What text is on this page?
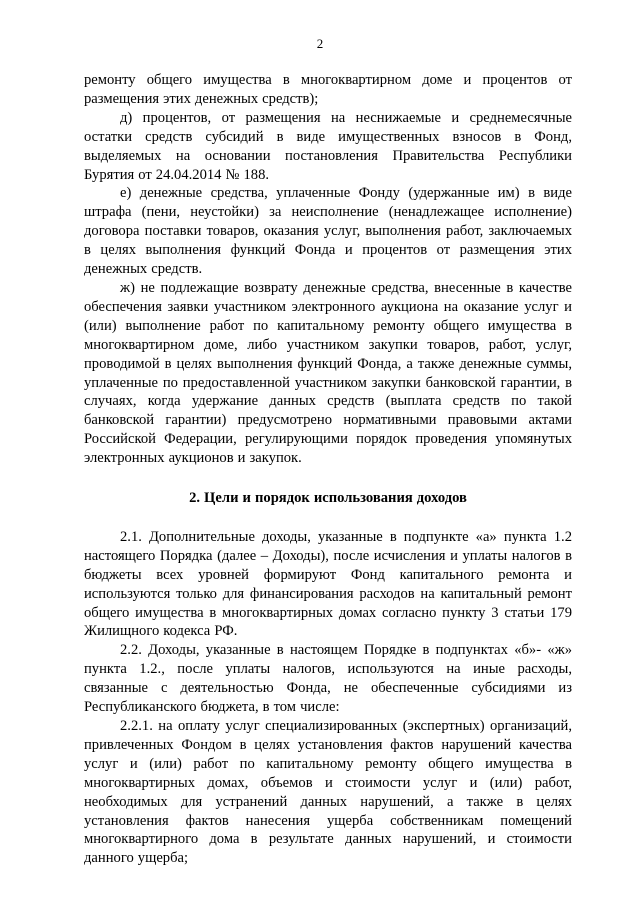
2

ремонту общего имущества в многоквартирном доме и процентов от размещения этих денежных средств);

д) процентов, от размещения на неснижаемые и среднемесячные остатки средств субсидий в виде имущественных взносов в Фонд, выделяемых на основании постановления Правительства Республики Бурятия от 24.04.2014 № 188.

е) денежные средства, уплаченные Фонду (удержанные им) в виде штрафа (пени, неустойки) за неисполнение (ненадлежащее исполнение) договора поставки товаров, оказания услуг, выполнения работ, заключаемых в целях выполнения функций Фонда и процентов от размещения этих денежных средств.

ж) не подлежащие возврату денежные средства, внесенные в качестве обеспечения заявки участником электронного аукциона на оказание услуг и (или) выполнение работ по капитальному ремонту общего имущества в многоквартирном доме, либо участником закупки товаров, работ, услуг, проводимой в целях выполнения функций Фонда, а также денежные суммы, уплаченные по предоставленной участником закупки банковской гарантии, в случаях, когда удержание данных средств (выплата средств по такой банковской гарантии) предусмотрено нормативными правовыми актами Российской Федерации, регулирующими порядок проведения упомянутых электронных аукционов и закупок.

2. Цели и порядок использования доходов

2.1. Дополнительные доходы, указанные в подпункте «а» пункта 1.2 настоящего Порядка (далее – Доходы), после исчисления и уплаты налогов в бюджеты всех уровней формируют Фонд капитального ремонта и используются только для финансирования расходов на капитальный ремонт общего имущества в многоквартирных домах согласно пункту 3 статьи 179 Жилищного кодекса РФ.

2.2. Доходы, указанные в настоящем Порядке в подпунктах «б»- «ж» пункта 1.2., после уплаты налогов, используются на иные расходы, связанные с деятельностью Фонда, не обеспеченные субсидиями из Республиканского бюджета, в том числе:

2.2.1. на оплату услуг специализированных (экспертных) организаций, привлеченных Фондом в целях установления фактов нарушений качества услуг и (или) работ по капитальному ремонту общего имущества в многоквартирных домах, объемов и стоимости услуг и (или) работ, необходимых для устранений данных нарушений, а также в целях установления фактов нанесения ущерба собственникам помещений многоквартирного дома в результате данных нарушений, и стоимости данного ущерба;
